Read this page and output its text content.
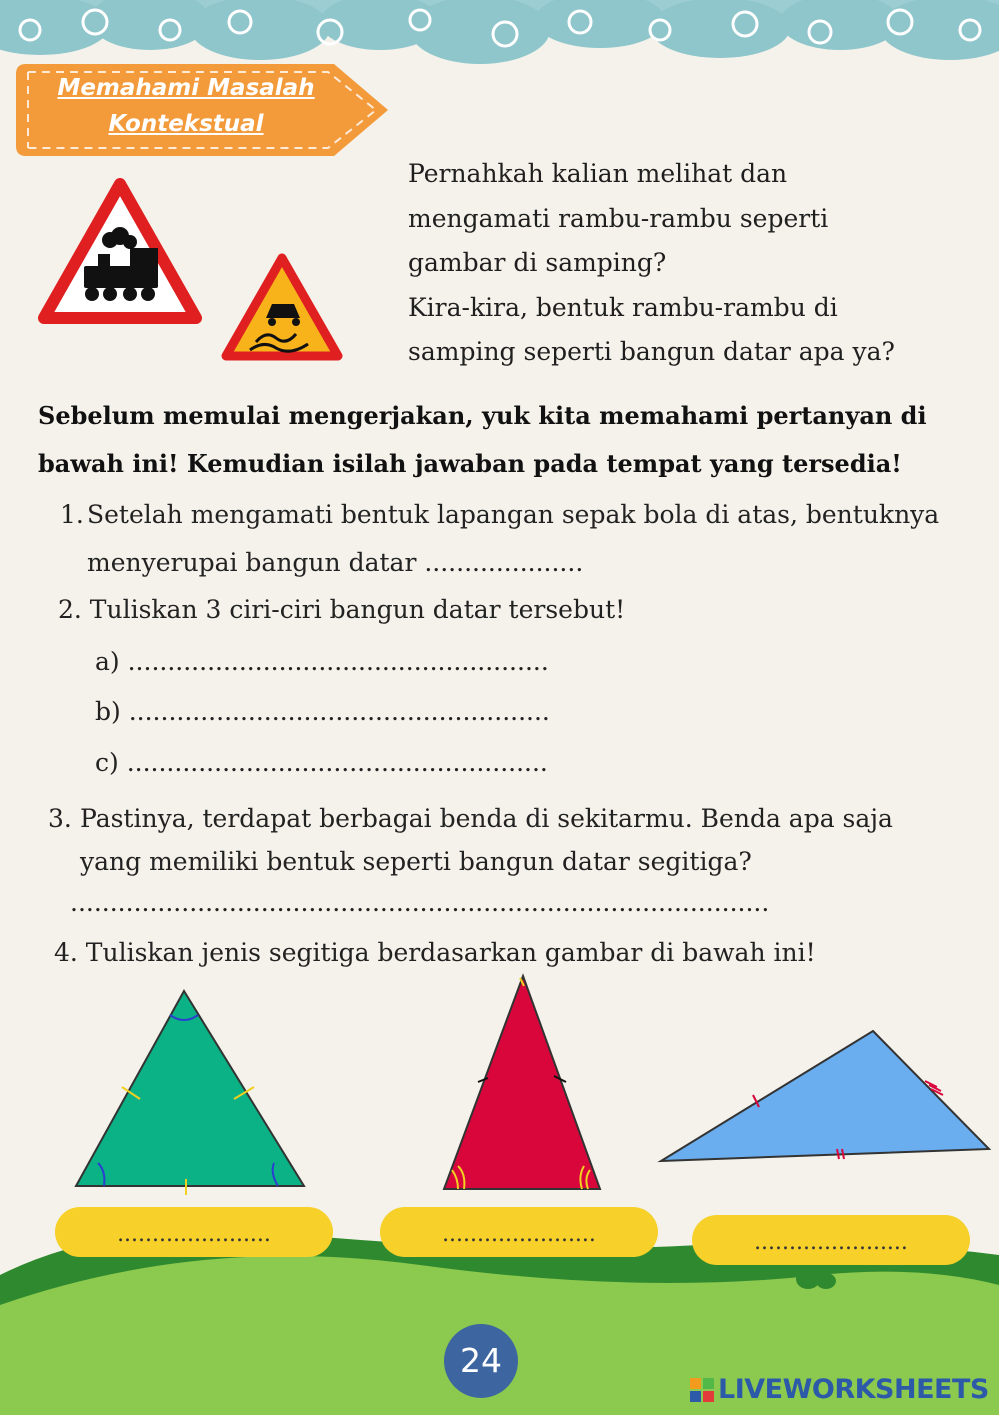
Memahami Masalah
Kontekstual
Pernahkah kalian melihat dan
mengamati rambu-rambu seperti
gambar di samping?
Kira-kira, bentuk rambu-rambu di
samping seperti bangun datar apa ya?
Sebelum memulai mengerjakan, yuk kita memahami pertanyan di
bawah ini! Kemudian isilah jawaban pada tempat yang tersedia!
1. Setelah mengamati bentuk lapangan sepak bola di atas, bentuknya
menyerupai bangun datar ....................
2. Tuliskan 3 ciri-ciri bangun datar tersebut!
a) .....................................................
b) .....................................................
c) .....................................................
3. Pastinya, terdapat berbagai benda di sekitarmu. Benda apa saja
yang memiliki bentuk seperti bangun datar segitiga?
........................................................................................
4. Tuliskan jenis segitiga berdasarkan gambar di bawah ini!
......................	......................	......................
24
LIVEWORKSHEETS
